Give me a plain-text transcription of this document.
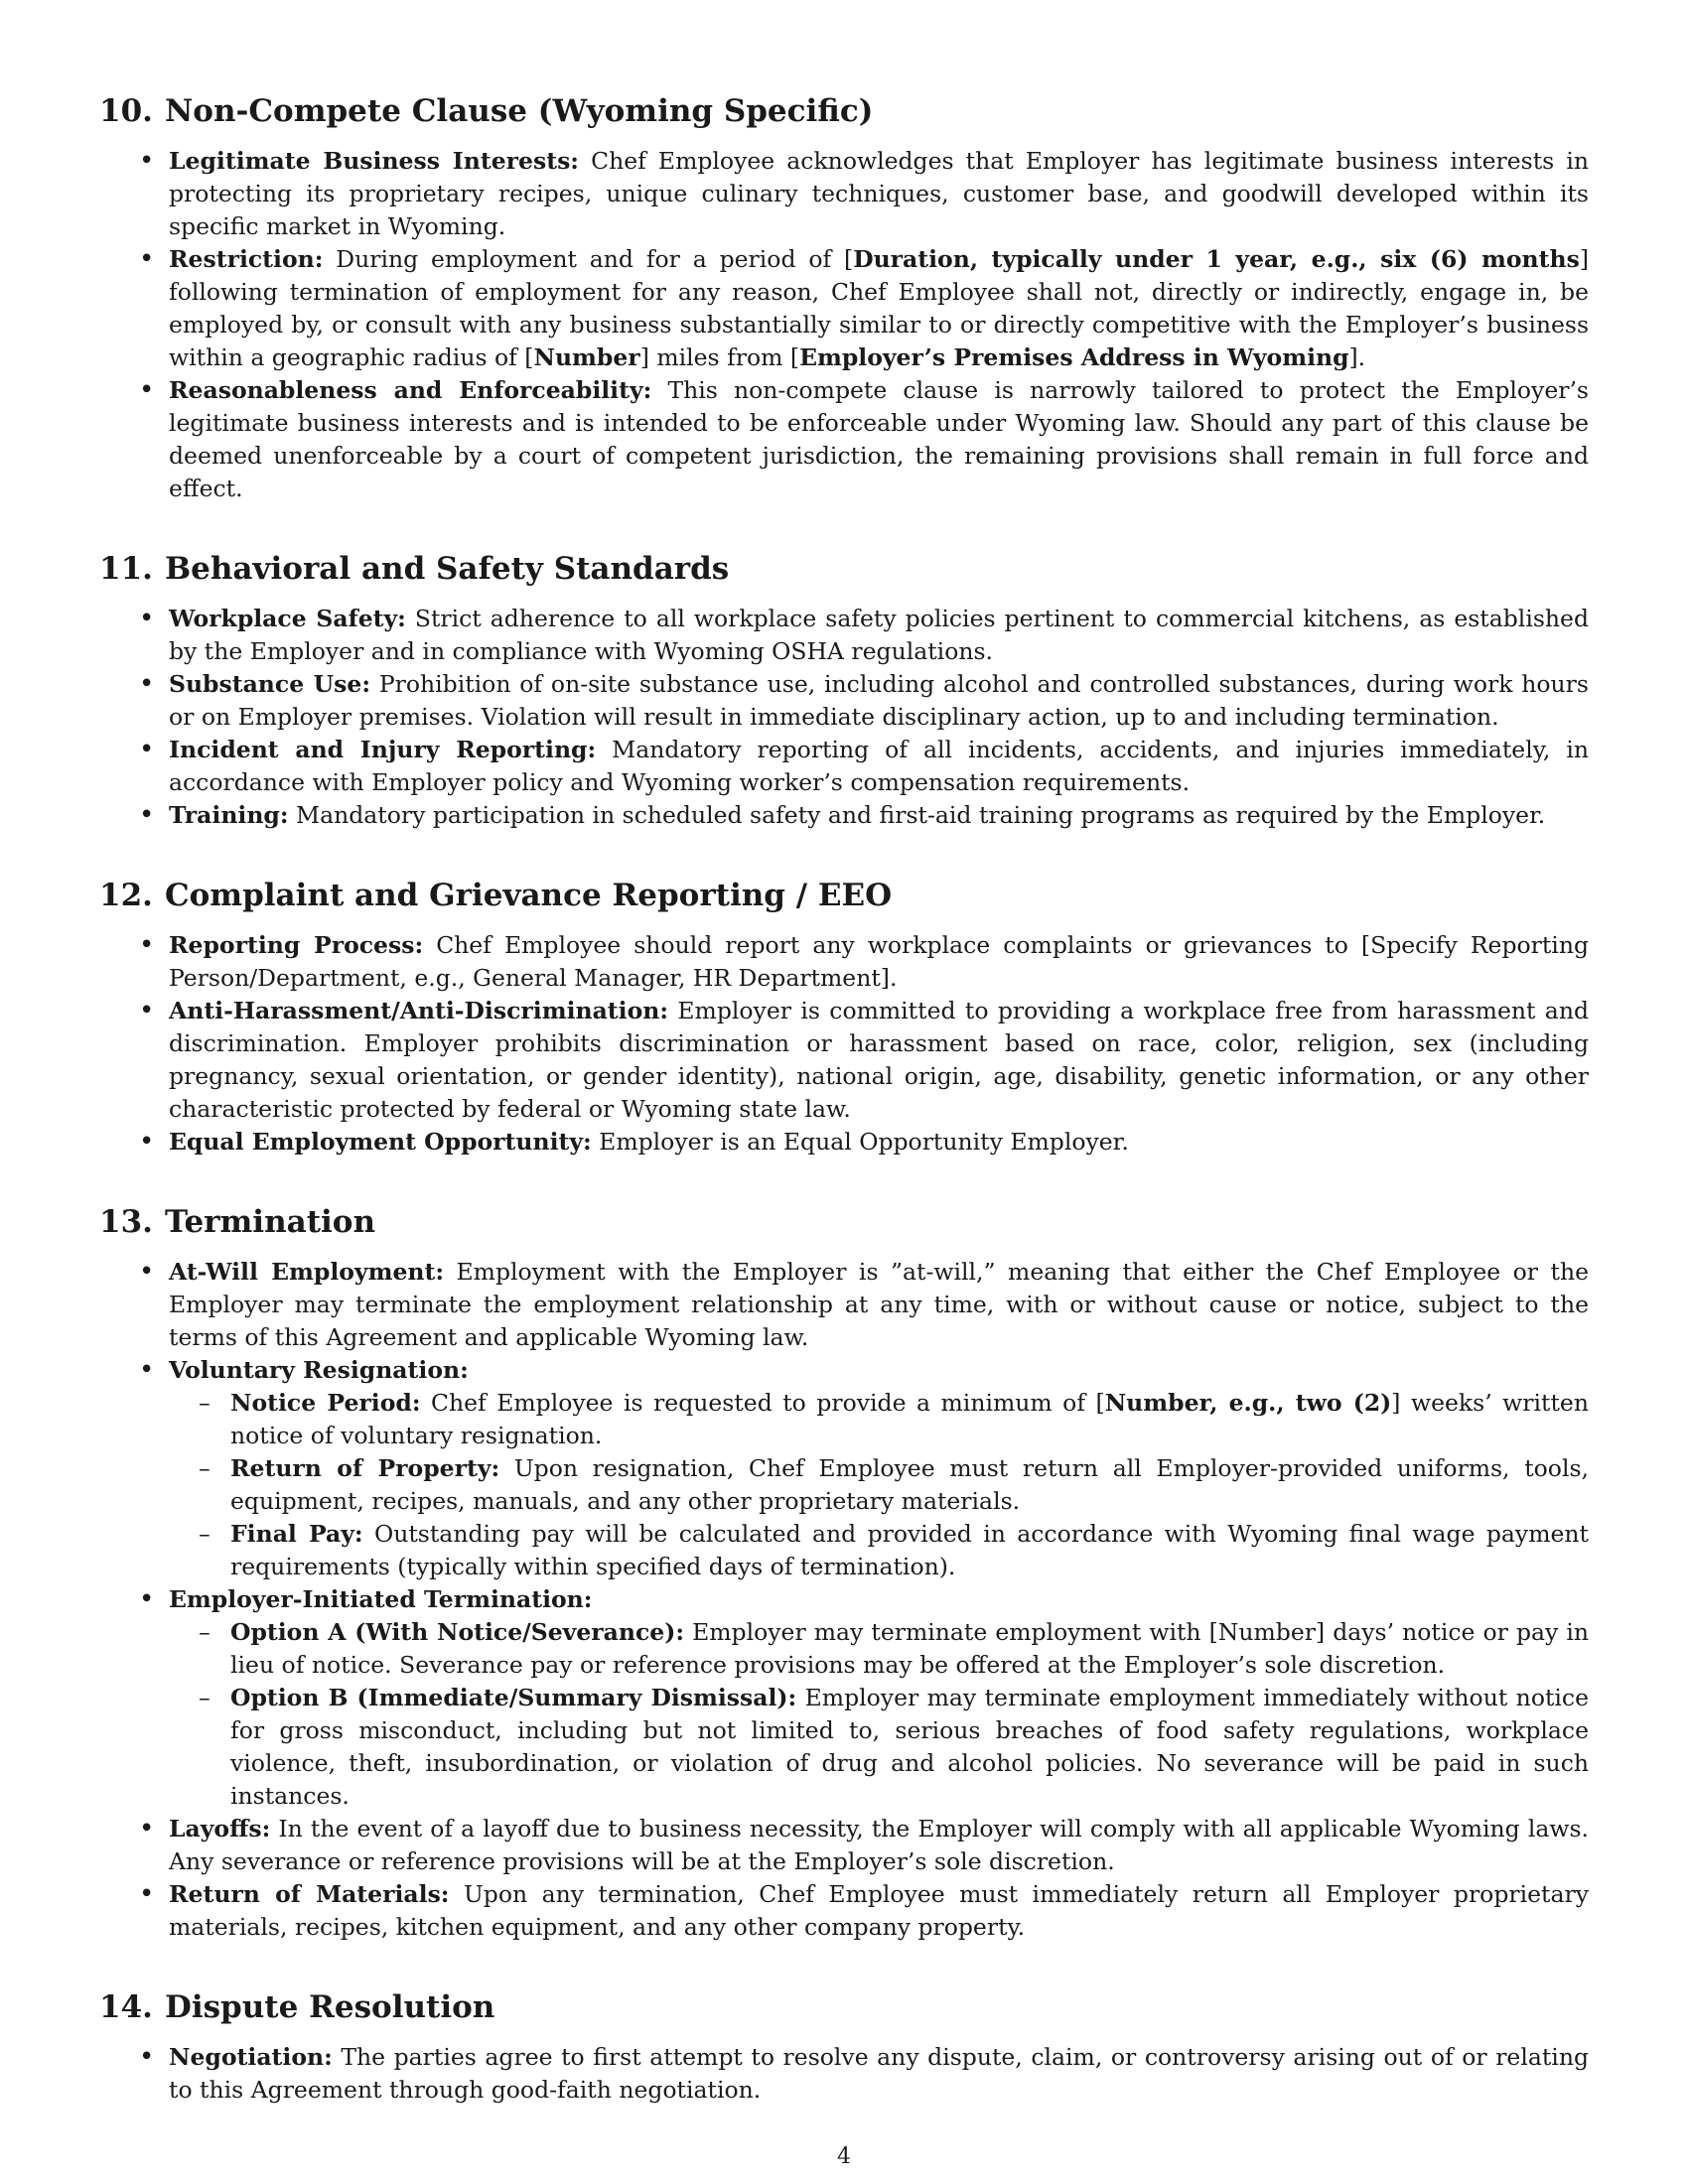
10. Non-Compete Clause (Wyoming Specific)
• Legitimate Business Interests: Chef Employee acknowledges that Employer has legitimate business interests in protecting its proprietary recipes, unique culinary techniques, customer base, and goodwill developed within its specific market in Wyoming.
• Restriction: During employment and for a period of [Duration, typically under 1 year, e.g., six (6) months] following termination of employment for any reason, Chef Employee shall not, directly or indirectly, engage in, be employed by, or consult with any business substantially similar to or directly competitive with the Employer’s business within a geographic radius of [Number] miles from [Employer’s Premises Address in Wyoming].
• Reasonableness and Enforceability: This non-compete clause is narrowly tailored to protect the Employer’s legitimate business interests and is intended to be enforceable under Wyoming law. Should any part of this clause be deemed unenforceable by a court of competent jurisdiction, the remaining provisions shall remain in full force and effect.
11. Behavioral and Safety Standards
• Workplace Safety: Strict adherence to all workplace safety policies pertinent to commercial kitchens, as established by the Employer and in compliance with Wyoming OSHA regulations.
• Substance Use: Prohibition of on-site substance use, including alcohol and controlled substances, during work hours or on Employer premises. Violation will result in immediate disciplinary action, up to and including termination.
• Incident and Injury Reporting: Mandatory reporting of all incidents, accidents, and injuries immediately, in accordance with Employer policy and Wyoming worker’s compensation requirements.
• Training: Mandatory participation in scheduled safety and first-aid training programs as required by the Employer.
12. Complaint and Grievance Reporting / EEO
• Reporting Process: Chef Employee should report any workplace complaints or grievances to [Specify Reporting Person/Department, e.g., General Manager, HR Department].
• Anti-Harassment/Anti-Discrimination: Employer is committed to providing a workplace free from harassment and discrimination. Employer prohibits discrimination or harassment based on race, color, religion, sex (including pregnancy, sexual orientation, or gender identity), national origin, age, disability, genetic information, or any other characteristic protected by federal or Wyoming state law.
• Equal Employment Opportunity: Employer is an Equal Opportunity Employer.
13. Termination
• At-Will Employment: Employment with the Employer is ”at-will,” meaning that either the Chef Employee or the Employer may terminate the employment relationship at any time, with or without cause or notice, subject to the terms of this Agreement and applicable Wyoming law.
• Voluntary Resignation:
– Notice Period: Chef Employee is requested to provide a minimum of [Number, e.g., two (2)] weeks’ written notice of voluntary resignation.
– Return of Property: Upon resignation, Chef Employee must return all Employer-provided uniforms, tools, equipment, recipes, manuals, and any other proprietary materials.
– Final Pay: Outstanding pay will be calculated and provided in accordance with Wyoming final wage payment requirements (typically within specified days of termination).
• Employer-Initiated Termination:
– Option A (With Notice/Severance): Employer may terminate employment with [Number] days’ notice or pay in lieu of notice. Severance pay or reference provisions may be offered at the Employer’s sole discretion.
– Option B (Immediate/Summary Dismissal): Employer may terminate employment immediately without notice for gross misconduct, including but not limited to, serious breaches of food safety regulations, workplace violence, theft, insubordination, or violation of drug and alcohol policies. No severance will be paid in such instances.
• Layoffs: In the event of a layoff due to business necessity, the Employer will comply with all applicable Wyoming laws. Any severance or reference provisions will be at the Employer’s sole discretion.
• Return of Materials: Upon any termination, Chef Employee must immediately return all Employer proprietary materials, recipes, kitchen equipment, and any other company property.
14. Dispute Resolution
• Negotiation: The parties agree to first attempt to resolve any dispute, claim, or controversy arising out of or relating to this Agreement through good-faith negotiation.
4
